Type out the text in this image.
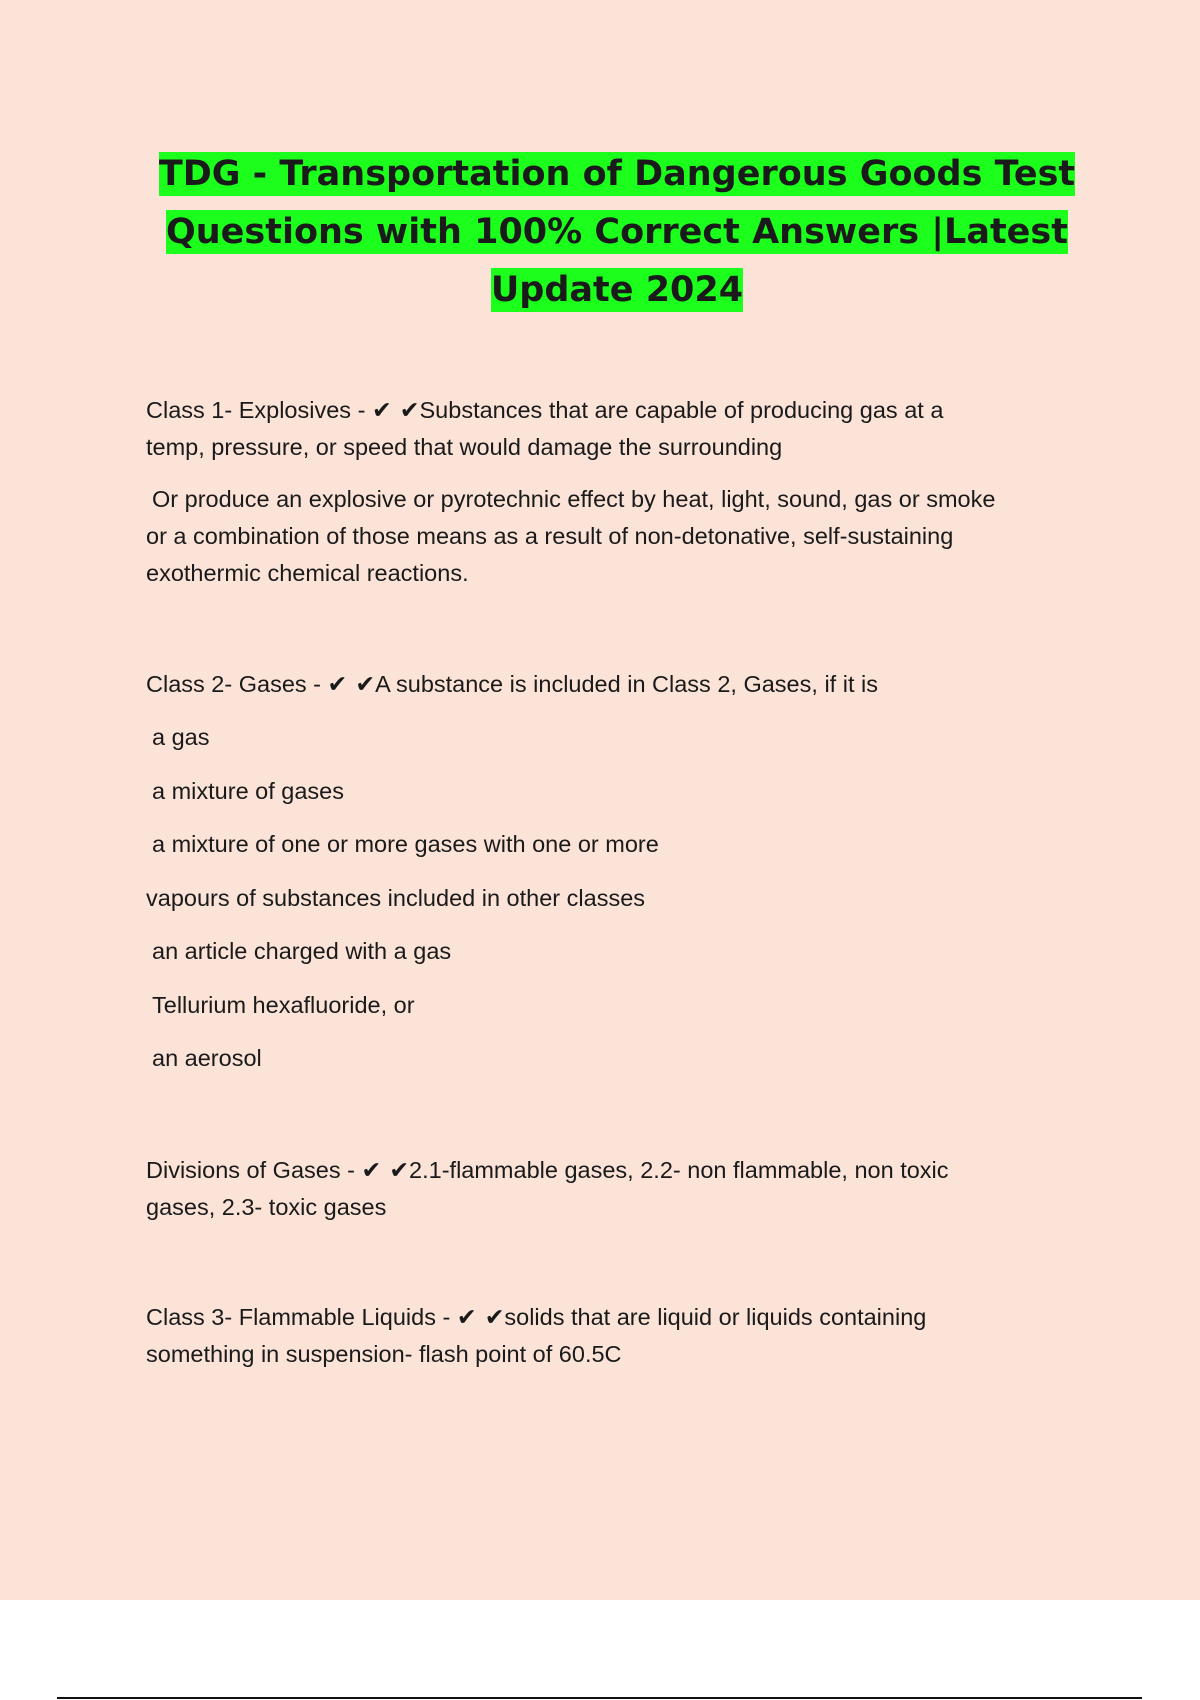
TDG - Transportation of Dangerous Goods Test
Questions with 100% Correct Answers |Latest
Update 2024

Class 1- Explosives - ✔ ✔Substances that are capable of producing gas at a

temp, pressure, or speed that would damage the surrounding

Or produce an explosive or pyrotechnic effect by heat, light, sound, gas or smoke

or a combination of those means as a result of non-detonative, self-sustaining

exothermic chemical reactions.

Class 2- Gases - ✔ ✔A substance is included in Class 2, Gases, if it is

a gas

a mixture of gases

a mixture of one or more gases with one or more

vapours of substances included in other classes

an article charged with a gas

Tellurium hexafluoride, or

an aerosol

Divisions of Gases - ✔ ✔2.1-flammable gases, 2.2- non flammable, non toxic

gases, 2.3- toxic gases

Class 3- Flammable Liquids - ✔ ✔solids that are liquid or liquids containing

something in suspension- flash point of 60.5C
